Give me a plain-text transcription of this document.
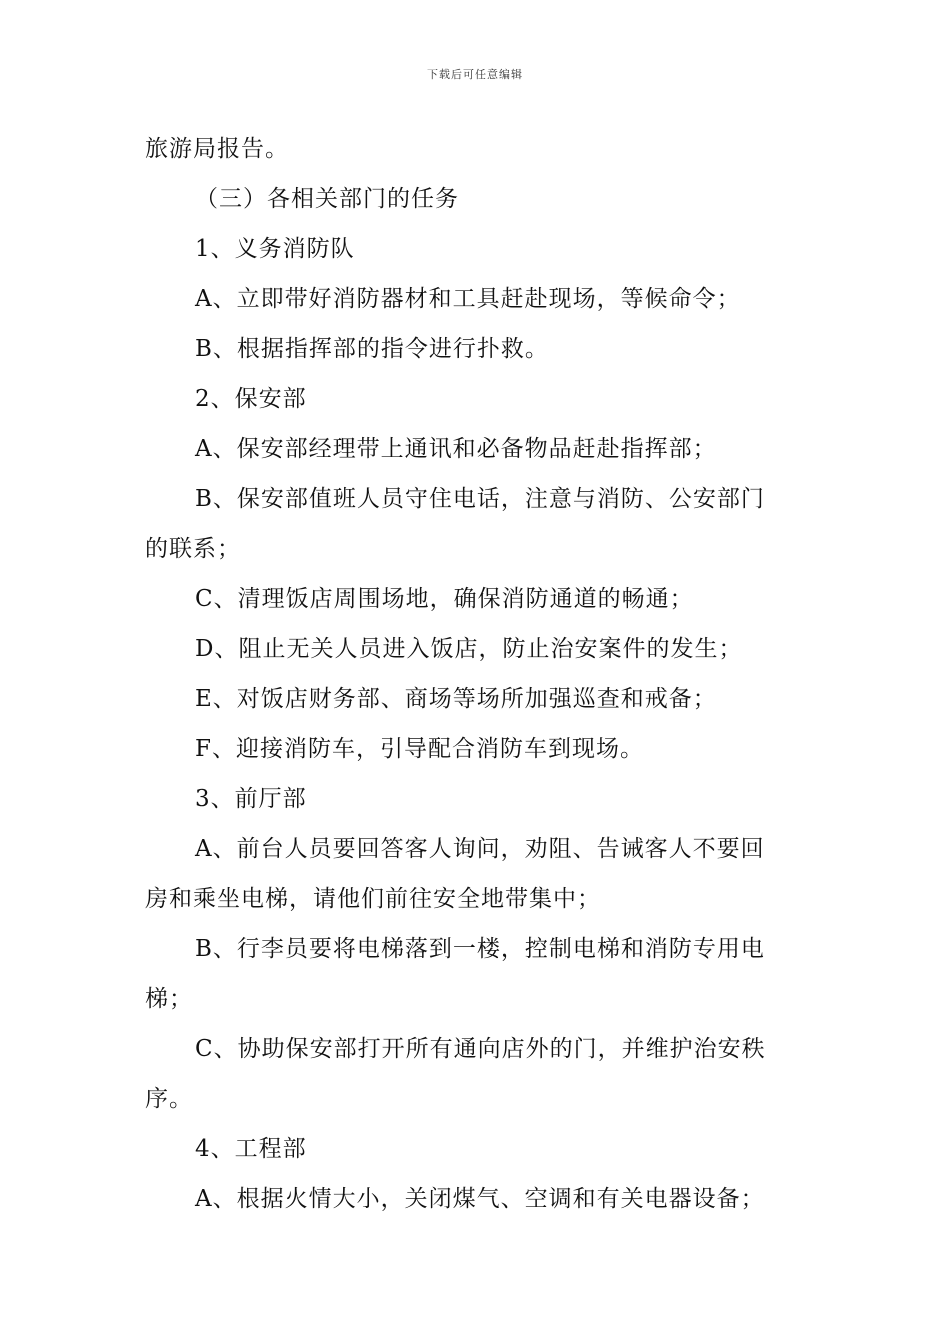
下载后可任意编辑
旅游局报告。
（三）各相关部门的任务
1、义务消防队
A、立即带好消防器材和工具赶赴现场，等候命令；
B、根据指挥部的指令进行扑救。
2、保安部
A、保安部经理带上通讯和必备物品赶赴指挥部；
B、保安部值班人员守住电话，注意与消防、公安部门
的联系；
C、清理饭店周围场地，确保消防通道的畅通；
D、阻止无关人员进入饭店，防止治安案件的发生；
E、对饭店财务部、商场等场所加强巡查和戒备；
F、迎接消防车，引导配合消防车到现场。
3、前厅部
A、前台人员要回答客人询问，劝阻、告诫客人不要回
房和乘坐电梯，请他们前往安全地带集中；
B、行李员要将电梯落到一楼，控制电梯和消防专用电
梯；
C、协助保安部打开所有通向店外的门，并维护治安秩
序。
4、工程部
A、根据火情大小，关闭煤气、空调和有关电器设备；
